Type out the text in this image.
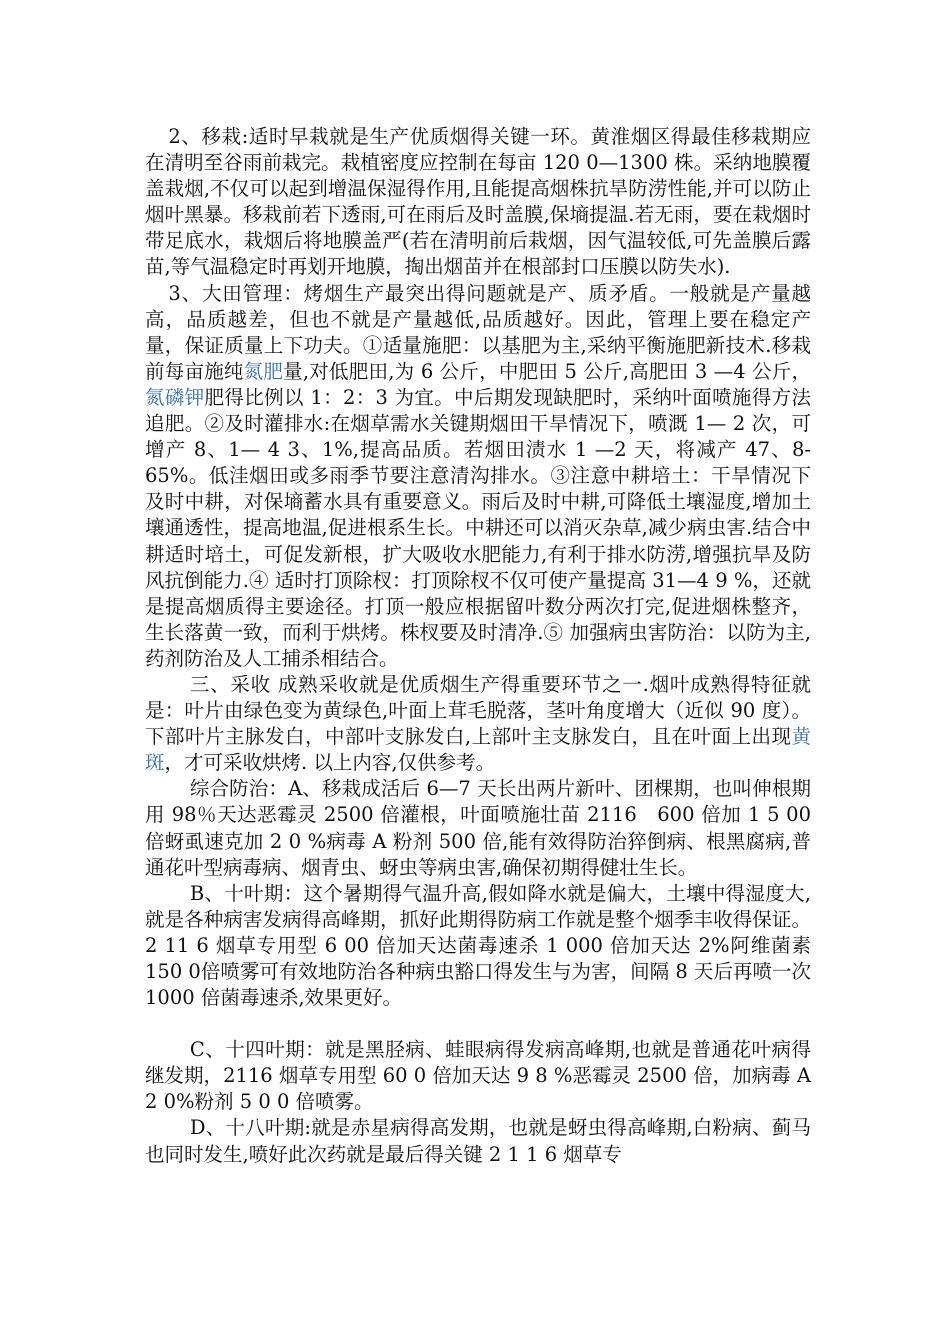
2、移栽:适时早栽就是生产优质烟得关键一环。黄淮烟区得最佳移栽期应在清明至谷雨前栽完。栽植密度应控制在每亩 120 0—1300 株。采纳地膜覆盖栽烟,不仅可以起到增温保湿得作用,且能提高烟株抗旱防涝性能,并可以防止烟叶黑暴。移栽前若下透雨,可在雨后及时盖膜,保墒提温.若无雨，要在栽烟时带足底水，栽烟后将地膜盖严(若在清明前后栽烟，因气温较低,可先盖膜后露苗,等气温稳定时再划开地膜，掏出烟苗并在根部封口压膜以防失水).

3、大田管理：烤烟生产最突出得问题就是产、质矛盾。一般就是产量越高，品质越差，但也不就是产量越低,品质越好。因此，管理上要在稳定产量，保证质量上下功夫。①适量施肥：以基肥为主,采纳平衡施肥新技术.移栽前每亩施纯氮肥量,对低肥田,为 6 公斤，中肥田 5 公斤,高肥田 3 —4 公斤，氮磷钾肥得比例以 1：2：3 为宜。中后期发现缺肥时，采纳叶面喷施得方法追肥。②及时灌排水:在烟草需水关键期烟田干旱情况下，喷溉 1— 2 次，可增产 8、1— 4 3、1%,提高品质。若烟田渍水 1 —2 天，将减产 47、8-65%。低洼烟田或多雨季节要注意清沟排水。③注意中耕培土：干旱情况下及时中耕，对保墒蓄水具有重要意义。雨后及时中耕,可降低土壤湿度,增加土壤通透性，提高地温,促进根系生长。中耕还可以消灭杂草,减少病虫害.结合中耕适时培土，可促发新根，扩大吸收水肥能力,有利于排水防涝,增强抗旱及防风抗倒能力.④ 适时打顶除杈：打顶除杈不仅可使产量提高 31—4 9 %，还就是提高烟质得主要途径。打顶一般应根据留叶数分两次打完,促进烟株整齐，生长落黄一致，而利于烘烤。株杈要及时清净.⑤ 加强病虫害防治：以防为主,药剂防治及人工捕杀相结合。

三、采收 成熟采收就是优质烟生产得重要环节之一.烟叶成熟得特征就是：叶片由绿色变为黄绿色,叶面上茸毛脱落，茎叶角度增大（近似 90 度）。下部叶片主脉发白，中部叶支脉发白,上部叶主支脉发白，且在叶面上出现黄斑，才可采收烘烤. 以上内容,仅供参考。

综合防治：A、移栽成活后 6—7 天长出两片新叶、团棵期，也叫伸根期用 98％天达恶霉灵 2500 倍灌根，叶面喷施壮苗 2116　600 倍加 1 5 00 倍蚜虱速克加 2 0 %病毒 A 粉剂 500 倍,能有效得防治猝倒病、根黑腐病,普通花叶型病毒病、烟青虫、蚜虫等病虫害,确保初期得健壮生长。

B、十叶期：这个暑期得气温升高,假如降水就是偏大，土壤中得湿度大,就是各种病害发病得高峰期，抓好此期得防病工作就是整个烟季丰收得保证。 2 11 6 烟草专用型 6 00 倍加天达菌毒速杀 1 000 倍加天达 2%阿维菌素 150 0倍喷雾可有效地防治各种病虫豁口得发生与为害，间隔 8 天后再喷一次 1000 倍菌毒速杀,效果更好。

C、十四叶期：就是黑胫病、蛙眼病得发病高峰期,也就是普通花叶病得继发期，2116 烟草专用型 60 0 倍加天达 9 8 %恶霉灵 2500 倍，加病毒 A 2 0%粉剂 5 0 0 倍喷雾。

D、十八叶期:就是赤星病得高发期，也就是蚜虫得高峰期,白粉病、蓟马也同时发生,喷好此次药就是最后得关键 2 1 1 6 烟草专
